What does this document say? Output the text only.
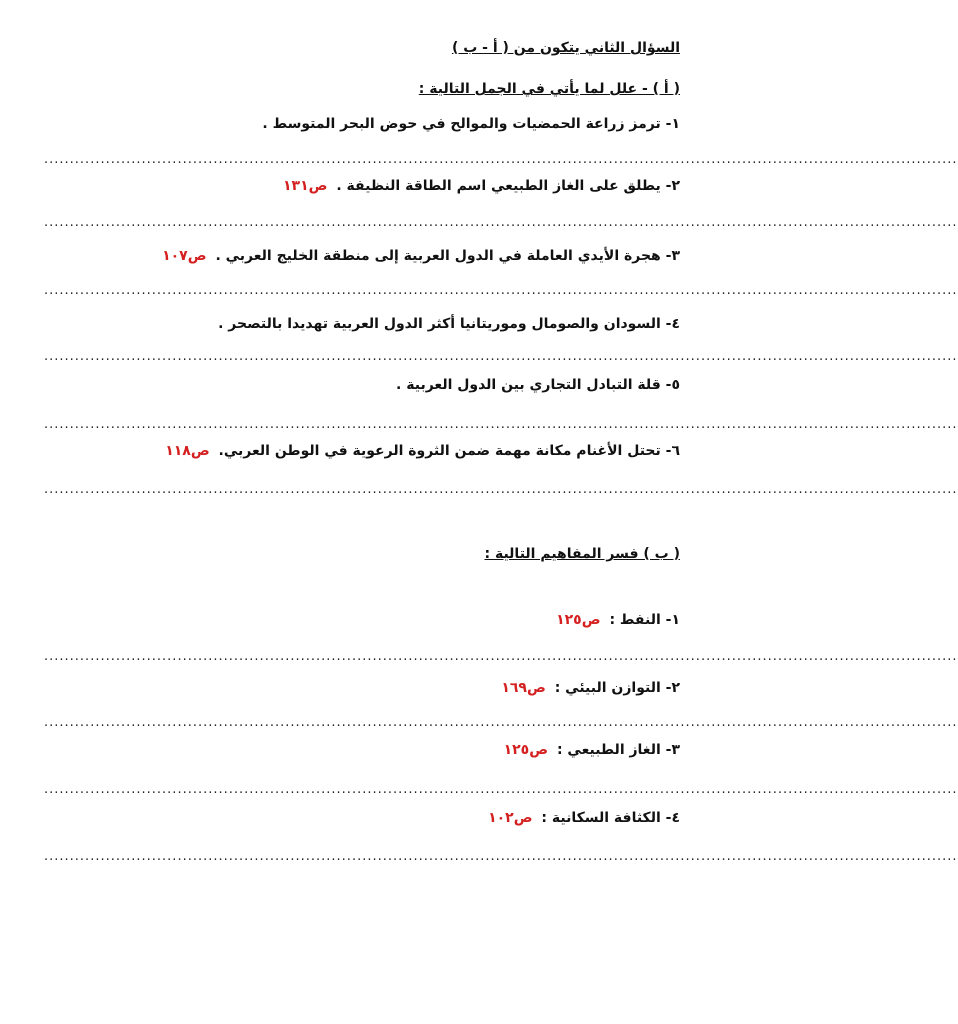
السؤال الثاني يتكون من ( أ - ب )
( أ ) - علل لما يأتي في الجمل التالية :
١- ترمز زراعة الحمضيات والموالح في حوض البحر المتوسط .
..................................................................................................................................................................................
٢- يطلق على الغاز الطبيعي اسم الطاقة النظيفة . ص١٣١
..................................................................................................................................................................................
٣- هجرة الأيدي العاملة في الدول العربية إلى منطقة الخليج العربي . ص١٠٧
..................................................................................................................................................................................
٤- السودان والصومال وموريتانيا أكثر الدول العربية تهديدا بالتصحر .
..................................................................................................................................................................................
٥- قلة التبادل التجاري بين الدول العربية .
..................................................................................................................................................................................
٦- تحتل الأغنام مكانة مهمة ضمن الثروة الرعوية في الوطن العربي. ص١١٨
..................................................................................................................................................................................
( ب ) فسر المفاهيم التالية :
١- النفط : ص١٢٥
..................................................................................................................................................................................
٢- التوازن البيئي : ص١٦٩
..................................................................................................................................................................................
٣- الغاز الطبيعي : ص١٢٥
..................................................................................................................................................................................
٤- الكثافة السكانية : ص١٠٢
..................................................................................................................................................................................
